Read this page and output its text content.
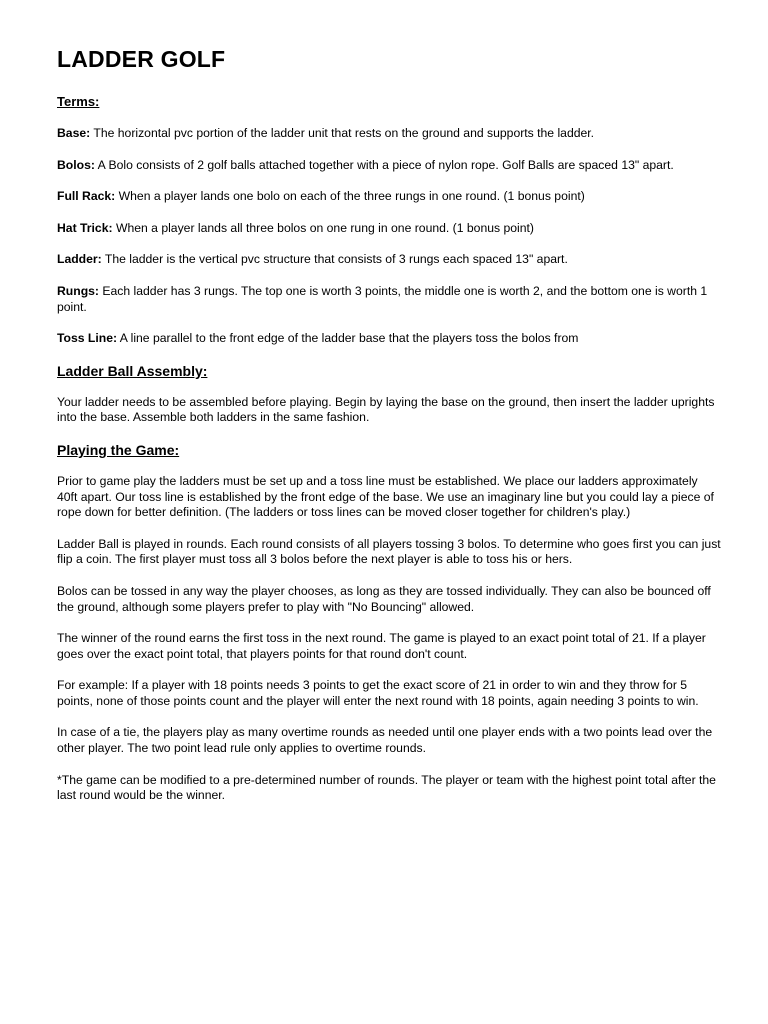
LADDER GOLF
Terms:

Base: The horizontal pvc portion of the ladder unit that rests on the ground and supports the ladder.

Bolos: A Bolo consists of 2 golf balls attached together with a piece of nylon rope. Golf Balls are spaced 13" apart.

Full Rack: When a player lands one bolo on each of the three rungs in one round. (1 bonus point)

Hat Trick: When a player lands all three bolos on one rung in one round. (1 bonus point)

Ladder: The ladder is the vertical pvc structure that consists of 3 rungs each spaced 13" apart.

Rungs: Each ladder has 3 rungs. The top one is worth 3 points, the middle one is worth 2, and the bottom one is worth 1 point.

Toss Line: A line parallel to the front edge of the ladder base that the players toss the bolos from

Ladder Ball Assembly:

Your ladder needs to be assembled before playing. Begin by laying the base on the ground, then insert the ladder uprights into the base. Assemble both ladders in the same fashion.

Playing the Game:

Prior to game play the ladders must be set up and a toss line must be established. We place our ladders approximately 40ft apart. Our toss line is established by the front edge of the base. We use an imaginary line but you could lay a piece of rope down for better definition. (The ladders or toss lines can be moved closer together for children's play.)

Ladder Ball is played in rounds. Each round consists of all players tossing 3 bolos. To determine who goes first you can just flip a coin. The first player must toss all 3 bolos before the next player is able to toss his or hers.

Bolos can be tossed in any way the player chooses, as long as they are tossed individually. They can also be bounced off the ground, although some players prefer to play with "No Bouncing" allowed.

The winner of the round earns the first toss in the next round. The game is played to an exact point total of 21. If a player goes over the exact point total, that players points for that round don't count.

For example: If a player with 18 points needs 3 points to get the exact score of 21 in order to win and they throw for 5 points, none of those points count and the player will enter the next round with 18 points, again needing 3 points to win.

In case of a tie, the players play as many overtime rounds as needed until one player ends with a two points lead over the other player. The two point lead rule only applies to overtime rounds.

*The game can be modified to a pre-determined number of rounds. The player or team with the highest point total after the last round would be the winner.
